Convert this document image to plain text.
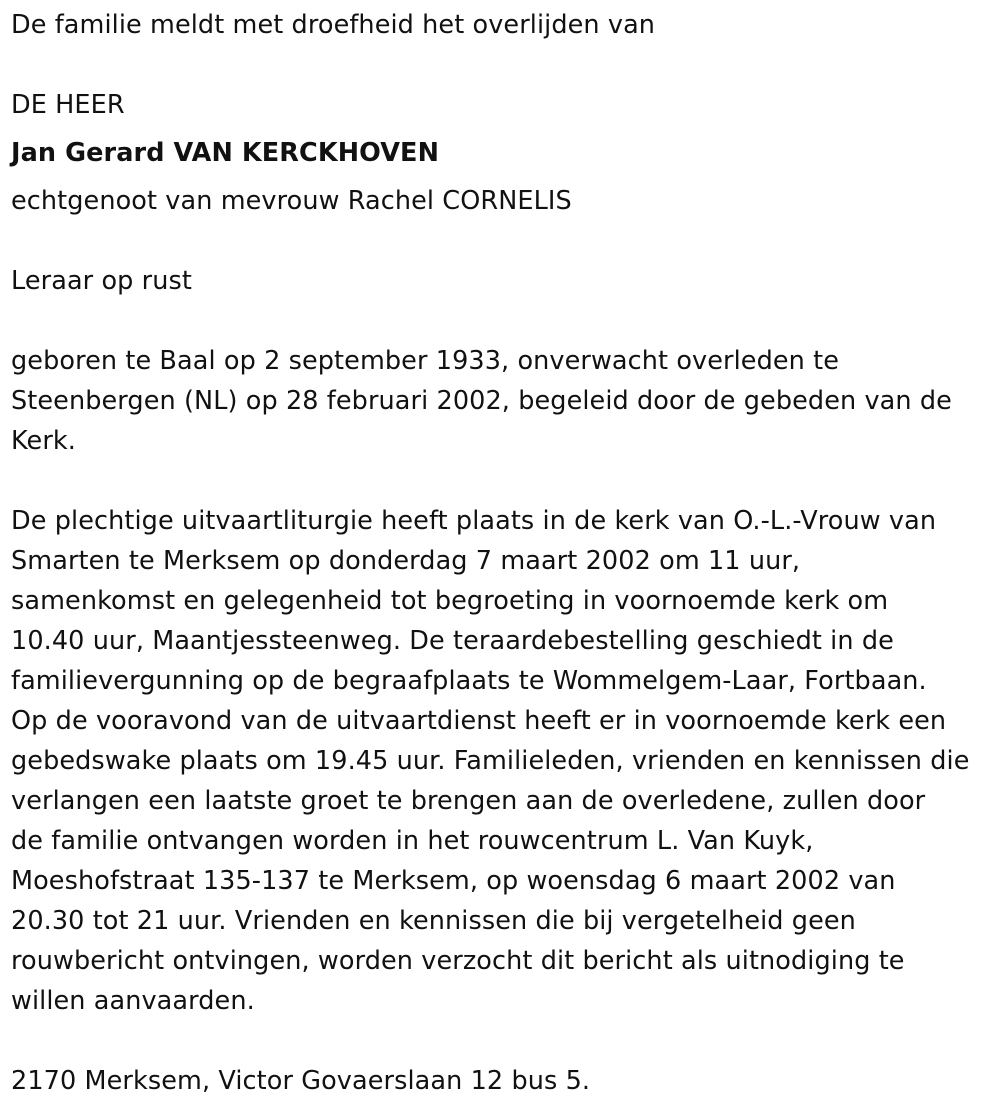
De familie meldt met droefheid het overlijden van
DE HEER
Jan Gerard VAN KERCKHOVEN
echtgenoot van mevrouw Rachel CORNELIS
Leraar op rust
geboren te Baal op 2 september 1933, onverwacht overleden te
Steenbergen (NL) op 28 februari 2002, begeleid door de gebeden van de
Kerk.
De plechtige uitvaartliturgie heeft plaats in de kerk van O.-L.-Vrouw van
Smarten te Merksem op donderdag 7 maart 2002 om 11 uur,
samenkomst en gelegenheid tot begroeting in voornoemde kerk om
10.40 uur, Maantjessteenweg. De teraardebestelling geschiedt in de
familievergunning op de begraafplaats te Wommelgem-Laar, Fortbaan.
Op de vooravond van de uitvaartdienst heeft er in voornoemde kerk een
gebedswake plaats om 19.45 uur. Familieleden, vrienden en kennissen die
verlangen een laatste groet te brengen aan de overledene, zullen door
de familie ontvangen worden in het rouwcentrum L. Van Kuyk,
Moeshofstraat 135-137 te Merksem, op woensdag 6 maart 2002 van
20.30 tot 21 uur. Vrienden en kennissen die bij vergetelheid geen
rouwbericht ontvingen, worden verzocht dit bericht als uitnodiging te
willen aanvaarden.
2170 Merksem, Victor Govaerslaan 12 bus 5.
